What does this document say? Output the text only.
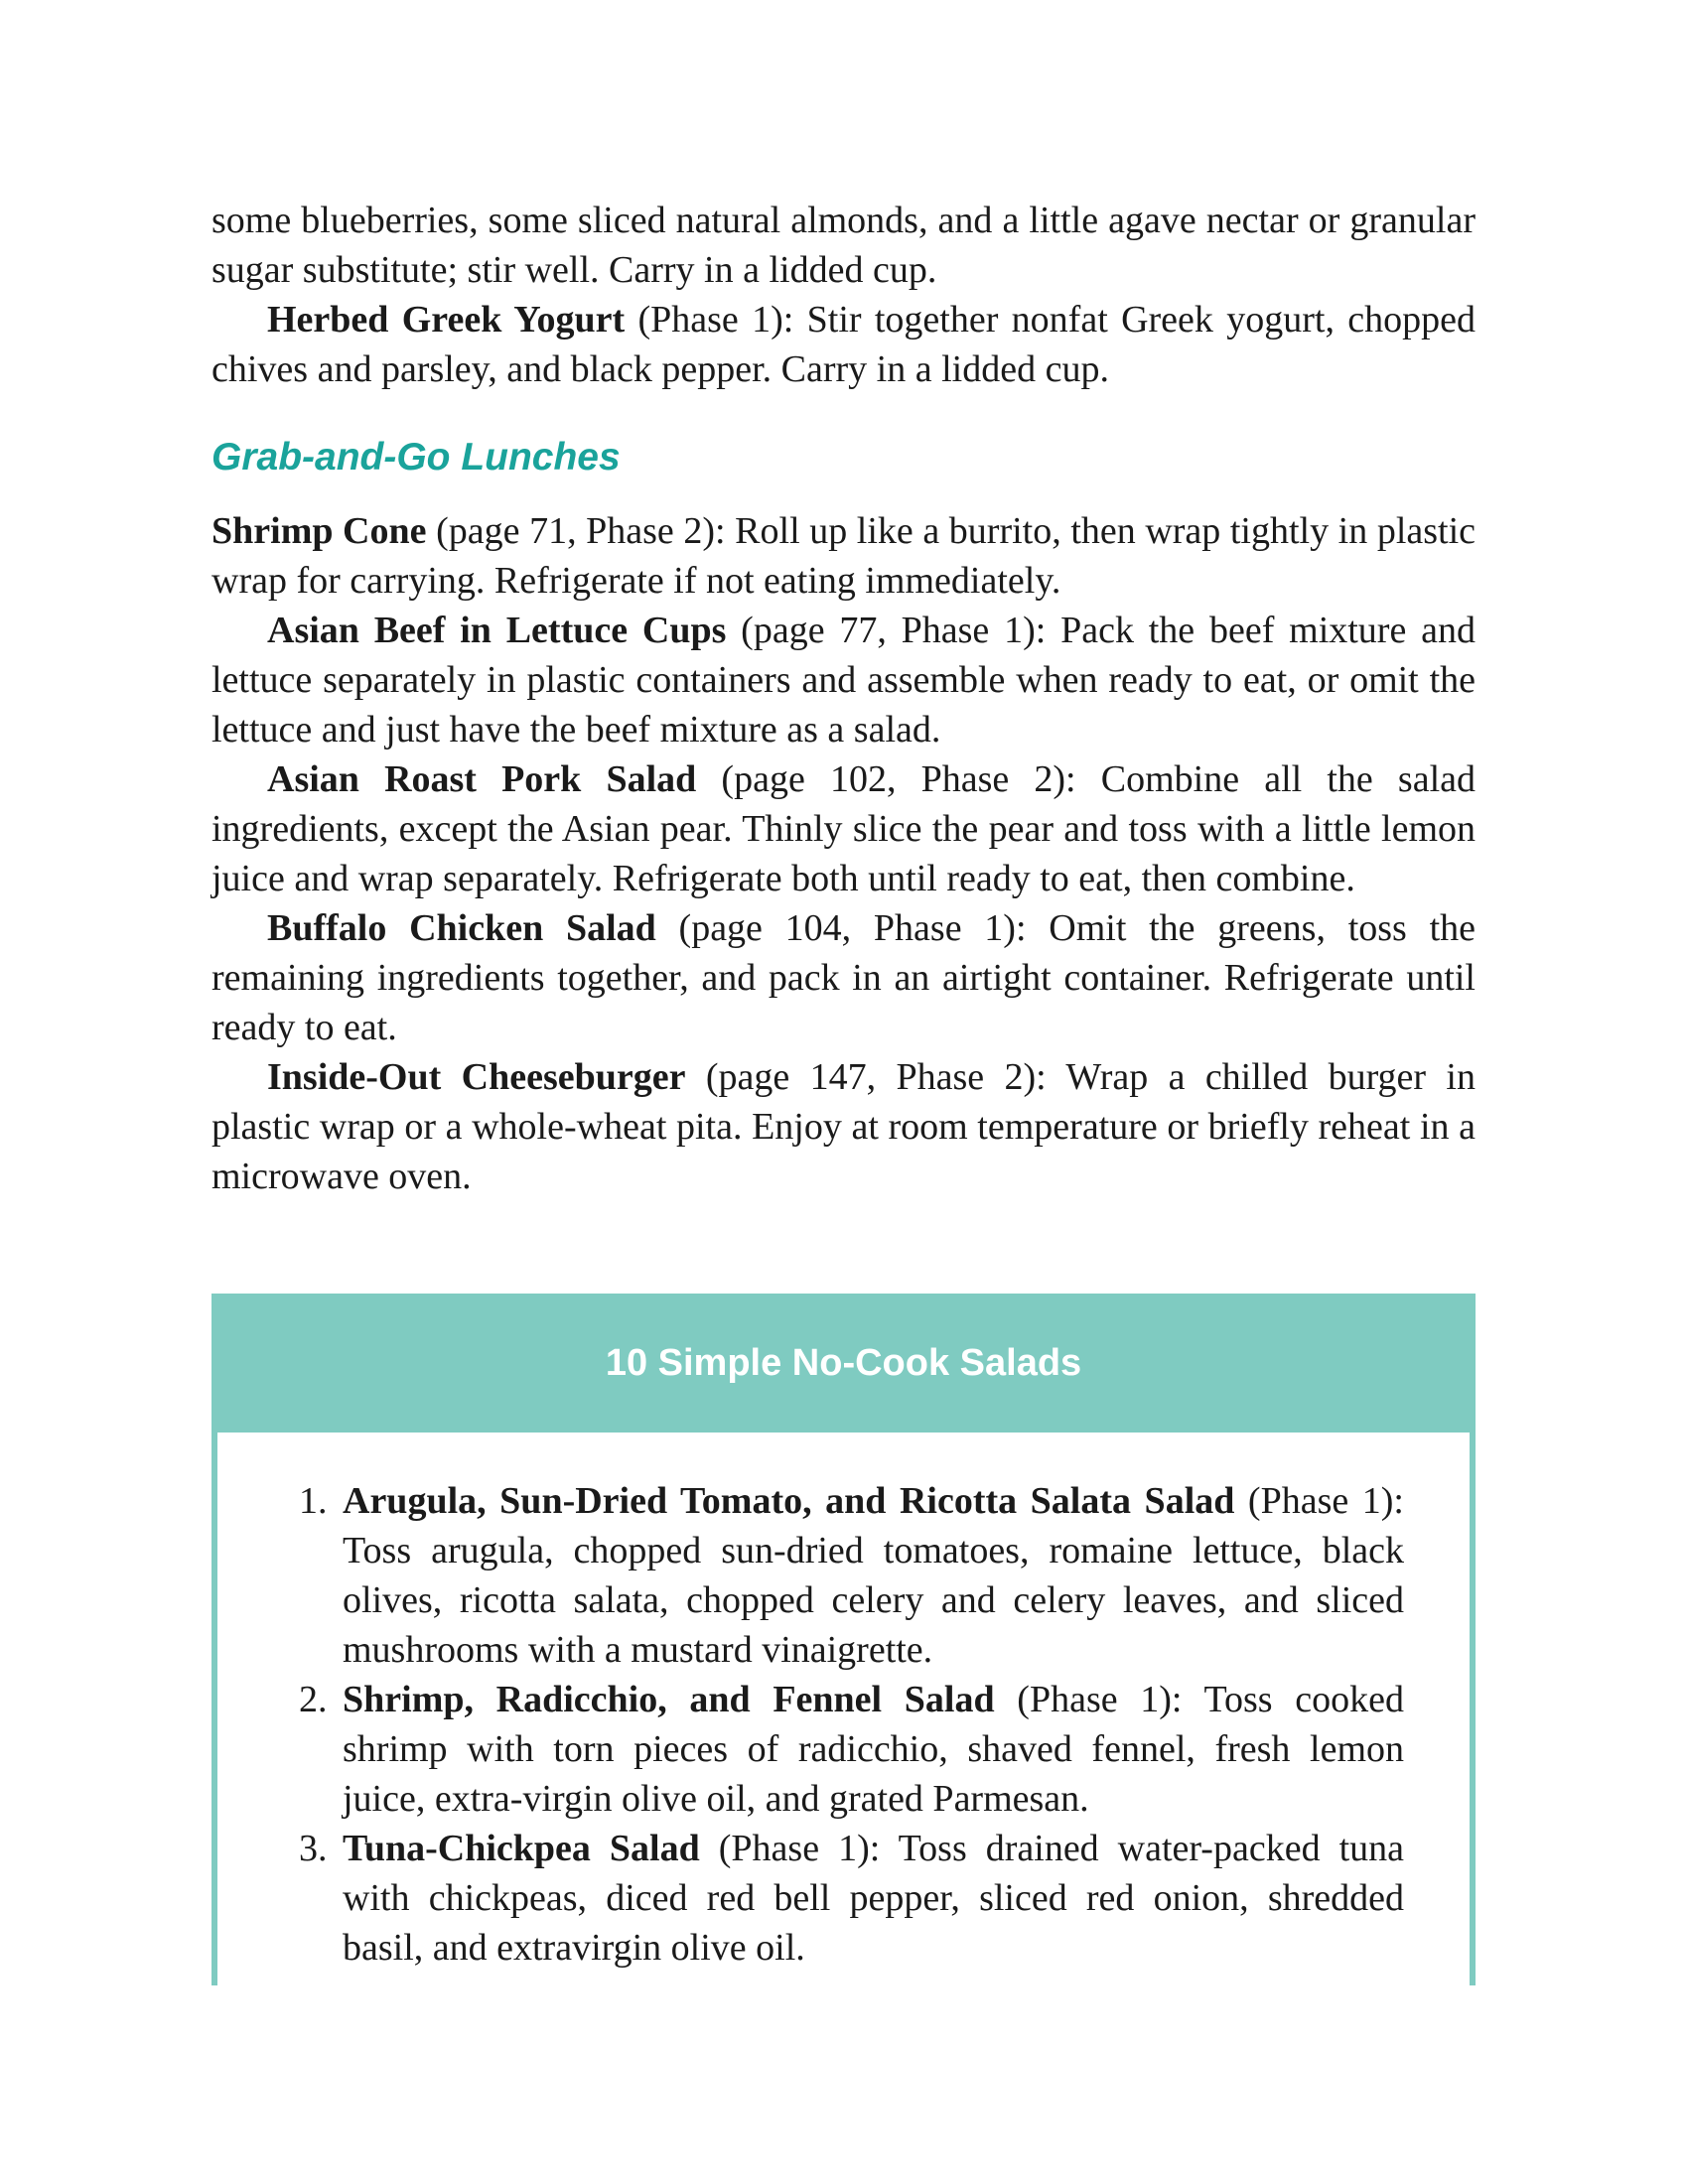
some blueberries, some sliced natural almonds, and a little agave nectar or granular sugar substitute; stir well. Carry in a lidded cup.

Herbed Greek Yogurt (Phase 1): Stir together nonfat Greek yogurt, chopped chives and parsley, and black pepper. Carry in a lidded cup.

Grab-and-Go Lunches

Shrimp Cone (page 71, Phase 2): Roll up like a burrito, then wrap tightly in plastic wrap for carrying. Refrigerate if not eating immediately.

Asian Beef in Lettuce Cups (page 77, Phase 1): Pack the beef mixture and lettuce separately in plastic containers and assemble when ready to eat, or omit the lettuce and just have the beef mixture as a salad.

Asian Roast Pork Salad (page 102, Phase 2): Combine all the salad ingredients, except the Asian pear. Thinly slice the pear and toss with a little lemon juice and wrap separately. Refrigerate both until ready to eat, then combine.

Buffalo Chicken Salad (page 104, Phase 1): Omit the greens, toss the remaining ingredients together, and pack in an airtight container. Refrigerate until ready to eat.

Inside-Out Cheeseburger (page 147, Phase 2): Wrap a chilled burger in plastic wrap or a whole-wheat pita. Enjoy at room temperature or briefly reheat in a microwave oven.

10 Simple No-Cook Salads
1. Arugula, Sun-Dried Tomato, and Ricotta Salata Salad (Phase 1): Toss arugula, chopped sun-dried tomatoes, romaine lettuce, black olives, ricotta salata, chopped celery and celery leaves, and sliced mushrooms with a mustard vinaigrette.
2. Shrimp, Radicchio, and Fennel Salad (Phase 1): Toss cooked shrimp with torn pieces of radicchio, shaved fennel, fresh lemon juice, extra-virgin olive oil, and grated Parmesan.
3. Tuna-Chickpea Salad (Phase 1): Toss drained water-packed tuna with chickpeas, diced red bell pepper, sliced red onion, shredded basil, and extravirgin olive oil.
